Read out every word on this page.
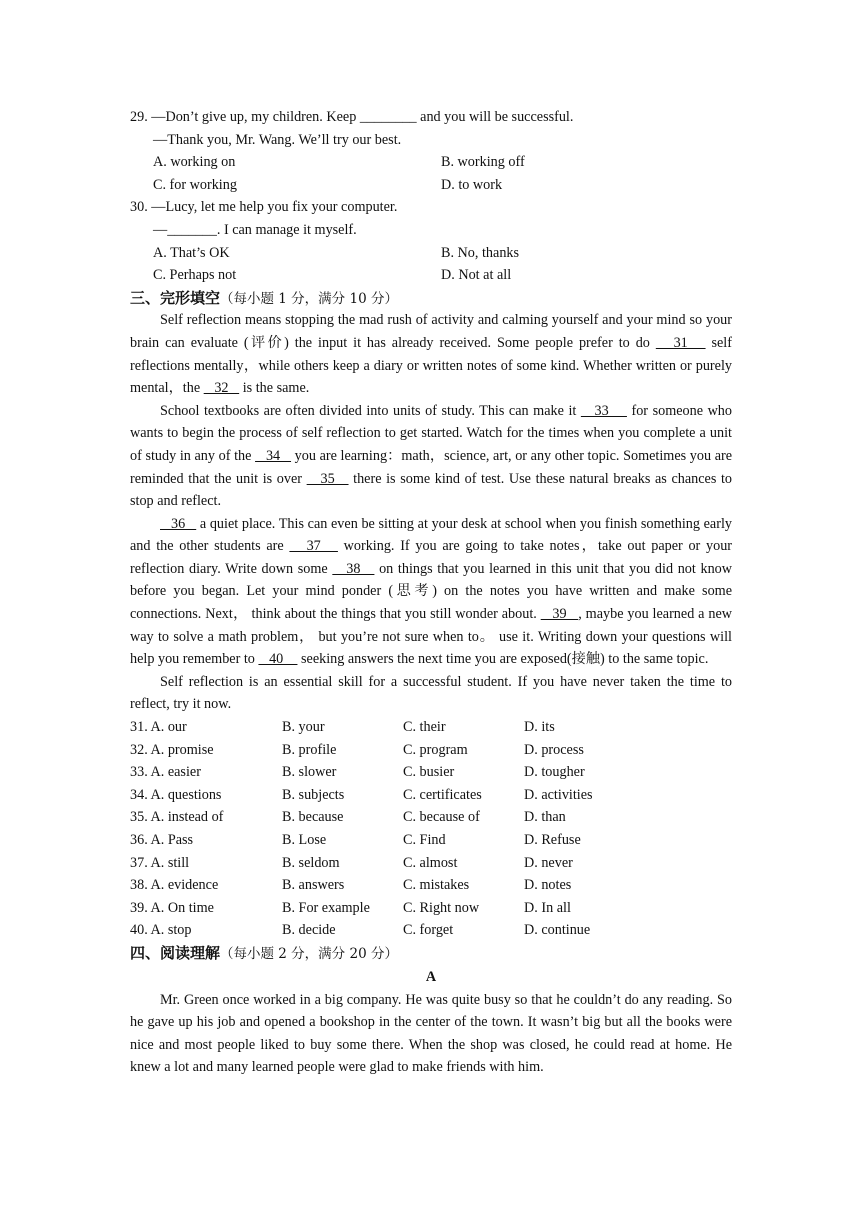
29. —Don’t give up, my children. Keep ________ and you will be successful.
—Thank you, Mr. Wang. We’ll try our best.
A. working on	B. working off
C. for working	D. to work
30. —Lucy, let me help you fix your computer.
—_______. I can manage it myself.
A. That’s OK	B. No, thanks
C. Perhaps not	D. Not at all
三、完形填空（每小题 1 分，满分 10 分）

Self reflection means stopping the mad rush of activity and calming yourself and your mind so your brain can evaluate (评价) the input it has already received. Some people prefer to do    31    self reflections mentally，while others keep a diary or written notes of some kind. Whether written or purely mental，the    32    is the same.

School textbooks are often divided into units of study. This can make it    33     for someone who wants to begin the process of self reflection to get started. Watch for the times when you complete a unit of study in any of the    34    you are learning：math，science, art, or any other topic. Sometimes you are reminded that the unit is over    35    there is some kind of test. Use these natural breaks as chances to stop and reflect.

36    a quiet place. This can even be sitting at your desk at school when you finish something early and the other students are    37    working. If you are going to take notes，take out paper or your reflection diary. Write down some    38    on things that you learned in this unit that you did not know before you began. Let your mind ponder (思考) on the notes you have written and make some connections. Next， think about the things that you still wonder about.    39   , maybe you learned a new way to solve a math problem， but you’re not sure when to。 use it. Writing down your questions will help you remember to    40     seeking answers the next time you are exposed(接触) to the same topic.

Self reflection is an essential skill for a successful student. If you have never taken the time to reflect, try it now.

31. A. our	B. your	C. their	D. its
32. A. promise	B. profile	C. program	D. process
33. A. easier	B. slower	C. busier	D. tougher
34. A. questions	B. subjects	C. certificates	D. activities
35. A. instead of	B. because	C. because of	D. than
36. A. Pass	B. Lose	C. Find	D. Refuse
37. A. still	B. seldom	C. almost	D. never
38. A. evidence	B. answers	C. mistakes	D. notes
39. A. On time	B. For example C. Right now	D. In all
40. A. stop	B. decide	C. forget	D. continue
四、阅读理解（每小题 2 分，满分 20 分）
A

Mr. Green once worked in a big company. He was quite busy so that he couldn’t do any reading. So he gave up his job and opened a bookshop in the center of the town. It wasn’t big but all the books were nice and most people liked to buy some there. When the shop was closed, he could read at home. He knew a lot and many learned people were glad to make friends with him.
